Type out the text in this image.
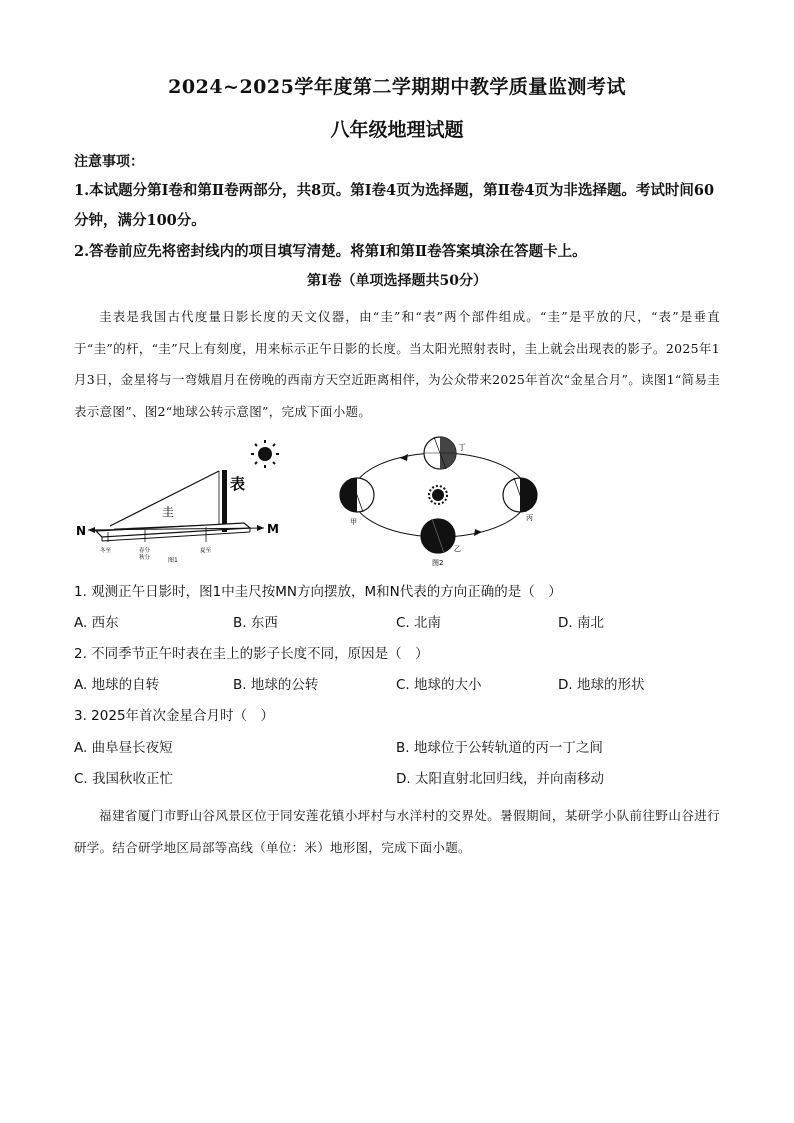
2024~2025学年度第二学期期中教学质量监测考试
八年级地理试题
注意事项：
1.本试题分第Ⅰ卷和第Ⅱ卷两部分，共8页。第Ⅰ卷4页为选择题，第Ⅱ卷4页为非选择题。考试时间60分钟，满分100分。
2.答卷前应先将密封线内的项目填写清楚。将第Ⅰ和第Ⅱ卷答案填涂在答题卡上。
第Ⅰ卷（单项选择题共50分）
圭表是我国古代度量日影长度的天文仪器，由“圭”和“表”两个部件组成。“圭”是平放的尺，“表”是垂直于“圭”的杆，“圭”尺上有刻度，用来标示正午日影的长度。当太阳光照射表时，圭上就会出现表的影子。2025年1月3日，金星将与一弯娥眉月在傍晚的西南方天空近距离相伴，为公众带来2025年首次“金星合月”。读图1“简易圭表示意图”、图2“地球公转示意图”，完成下面小题。
表
圭
N	M
冬至	春分
秋分
夏至
图1
丁
甲	丙
乙
图2
1. 观测正午日影时，图1中圭尺按MN方向摆放，M和N代表的方向正确的是（　）
A. 西东	B. 东西	C. 北南	D. 南北
2. 不同季节正午时表在圭上的影子长度不同，原因是（　）
A. 地球的自转	B. 地球的公转	C. 地球的大小	D. 地球的形状
3. 2025年首次金星合月时（　）
A. 曲阜昼长夜短	B. 地球位于公转轨道的丙一丁之间
C. 我国秋收正忙	D. 太阳直射北回归线，并向南移动
福建省厦门市野山谷风景区位于同安莲花镇小坪村与水洋村的交界处。暑假期间，某研学小队前往野山谷进行研学。结合研学地区局部等高线（单位：米）地形图，完成下面小题。
